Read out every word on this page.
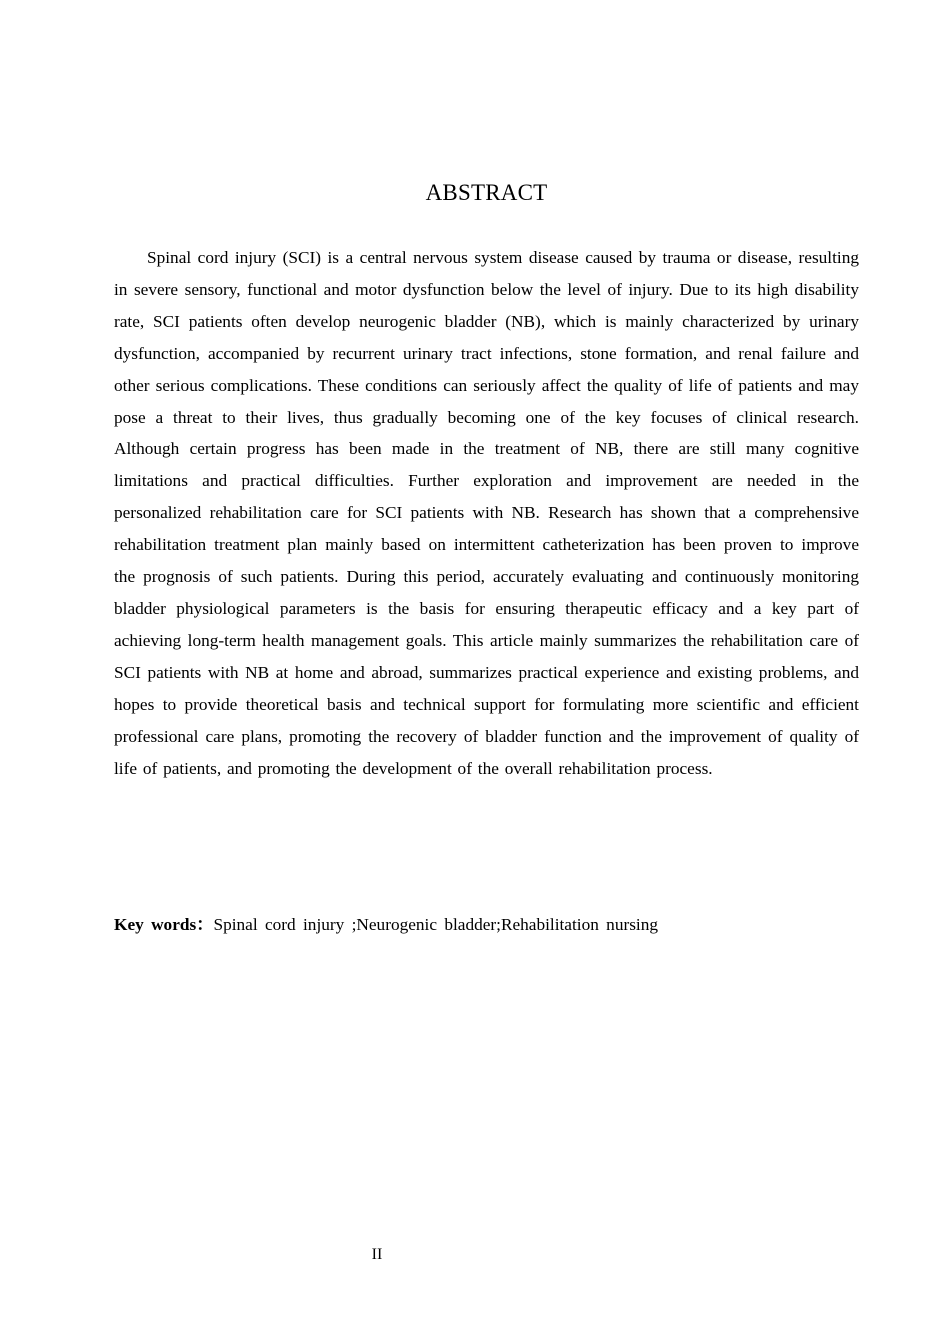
ABSTRACT

Spinal cord injury (SCI) is a central nervous system disease caused by trauma or disease, resulting in severe sensory, functional and motor dysfunction below the level of injury. Due to its high disability rate, SCI patients often develop neurogenic bladder (NB), which is mainly characterized by urinary dysfunction, accompanied by recurrent urinary tract infections, stone formation, and renal failure and other serious complications. These conditions can seriously affect the quality of life of patients and may pose a threat to their lives, thus gradually becoming one of the key focuses of clinical research. Although certain progress has been made in the treatment of NB, there are still many cognitive limitations and practical difficulties. Further exploration and improvement are needed in the personalized rehabilitation care for SCI patients with NB. Research has shown that a comprehensive rehabilitation treatment plan mainly based on intermittent catheterization has been proven to improve the prognosis of such patients. During this period, accurately evaluating and continuously monitoring bladder physiological parameters is the basis for ensuring therapeutic efficacy and a key part of achieving long-term health management goals. This article mainly summarizes the rehabilitation care of SCI patients with NB at home and abroad, summarizes practical experience and existing problems, and hopes to provide theoretical basis and technical support for formulating more scientific and efficient professional care plans, promoting the recovery of bladder function and the improvement of quality of life of patients, and promoting the development of the overall rehabilitation process.

Key words：Spinal cord injury ;Neurogenic bladder;Rehabilitation nursing

II
